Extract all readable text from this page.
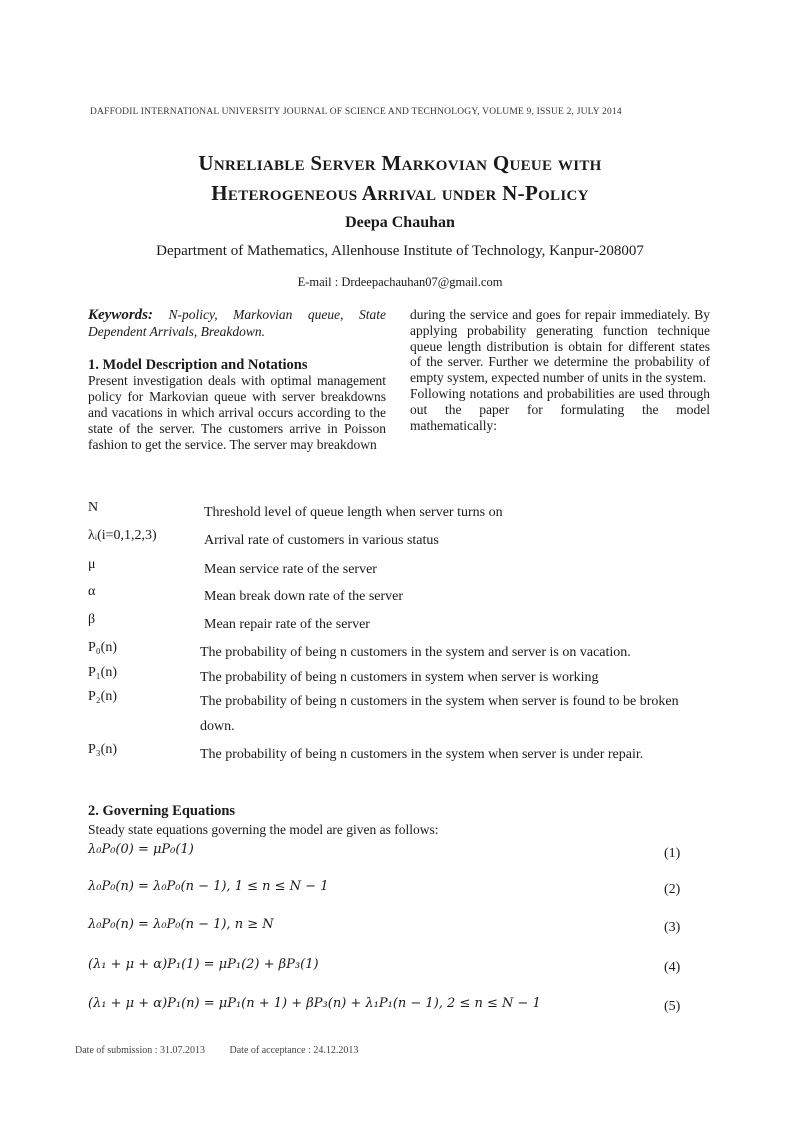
DAFFODIL INTERNATIONAL UNIVERSITY JOURNAL OF SCIENCE AND TECHNOLOGY, VOLUME 9, ISSUE 2, JULY 2014
Unreliable Server Markovian Queue with
Heterogeneous Arrival under N-Policy
Deepa Chauhan
Department of Mathematics, Allenhouse Institute of Technology, Kanpur-208007
E-mail : Drdeepachauhan07@gmail.com

Keywords: N-policy, Markovian queue, State Dependent Arrivals, Breakdown.

1. Model Description and Notations

Present investigation deals with optimal management policy for Markovian queue with server breakdowns and vacations in which arrival occurs according to the state of the server. The customers arrive in Poisson fashion to get the service. The server may breakdown

during the service and goes for repair immediately. By applying probability generating function technique queue length distribution is obtain for different states of the server. Further we determine the probability of empty system, expected number of units in the system.

Following notations and probabilities are used through out the paper for formulating the model mathematically:

N	Threshold level of queue length when server turns on
λᵢ(i=0,1,2,3)	Arrival rate of customers in various status
μ	Mean service rate of the server
α	Mean break down rate of the server
β	Mean repair rate of the server
P₀(n)	The probability of being n customers in the system and server is on vacation.
P₁(n)	The probability of being n customers in system when server is working
P₂(n)	The probability of being n customers in the system when server is found to be broken down.
P₃(n)	The probability of being n customers in the system when server is under repair.
2. Governing Equations
Steady state equations governing the model are given as follows:
λ₀P₀(0) = μP₀(1)	(1)
λ₀P₀(n) = λ₀P₀(n − 1), 1 ≤ n ≤ N − 1	(2)
λ₀P₀(n) = λ₀P₀(n − 1), n ≥ N	(3)
(λ₁ + μ + α)P₁(1) = μP₁(2) + βP₃(1)	(4)
(λ₁ + μ + α)P₁(n) = μP₁(n + 1) + βP₃(n) + λ₁P₁(n − 1), 2 ≤ n ≤ N − 1	(5)
Date of submission : 31.07.2013 Date of acceptance : 24.12.2013
